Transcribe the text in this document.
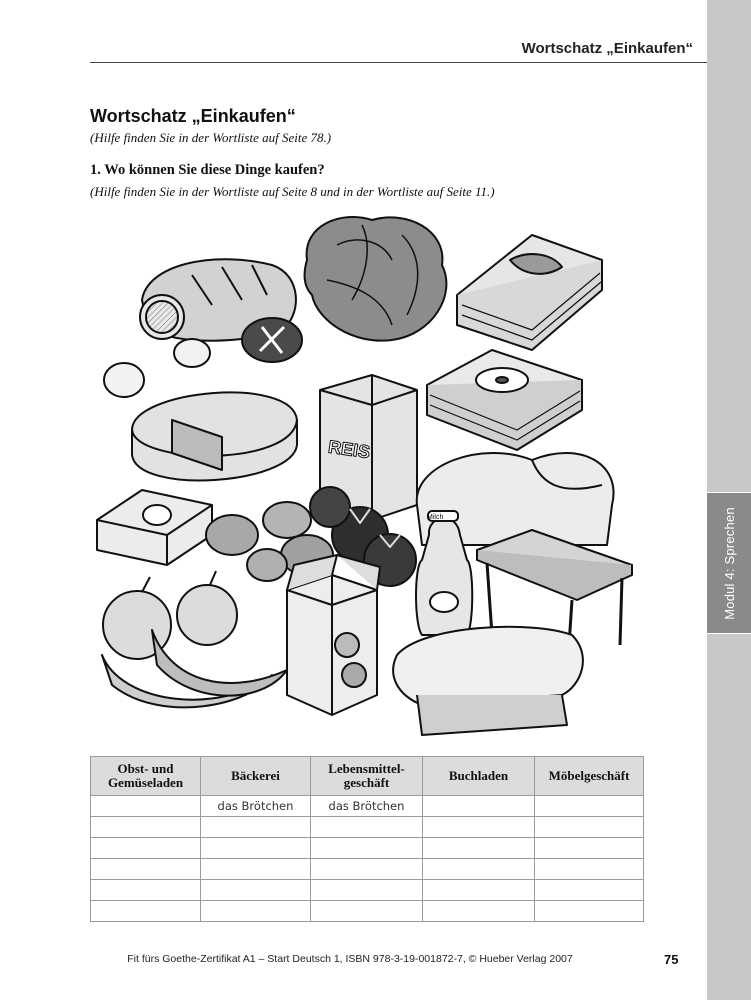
Modul 4: Sprechen
Wortschatz „Einkaufen“
Wortschatz „Einkaufen“
(Hilfe finden Sie in der Wortliste auf Seite 78.)
1. Wo können Sie diese Dinge kaufen?
(Hilfe finden Sie in der Wortliste auf Seite 8 und in der Wortliste auf Seite 11.)
REIS
Milch
Obst- und Gemüseladen	Bäckerei	Lebensmittel-geschäft	Buchladen	Möbelgeschäft
	das Brötchen	das Brötchen		

Fit fürs Goethe-Zertifikat A1 – Start Deutsch 1, ISBN 978-3-19-001872-7, © Hueber Verlag 2007	75
